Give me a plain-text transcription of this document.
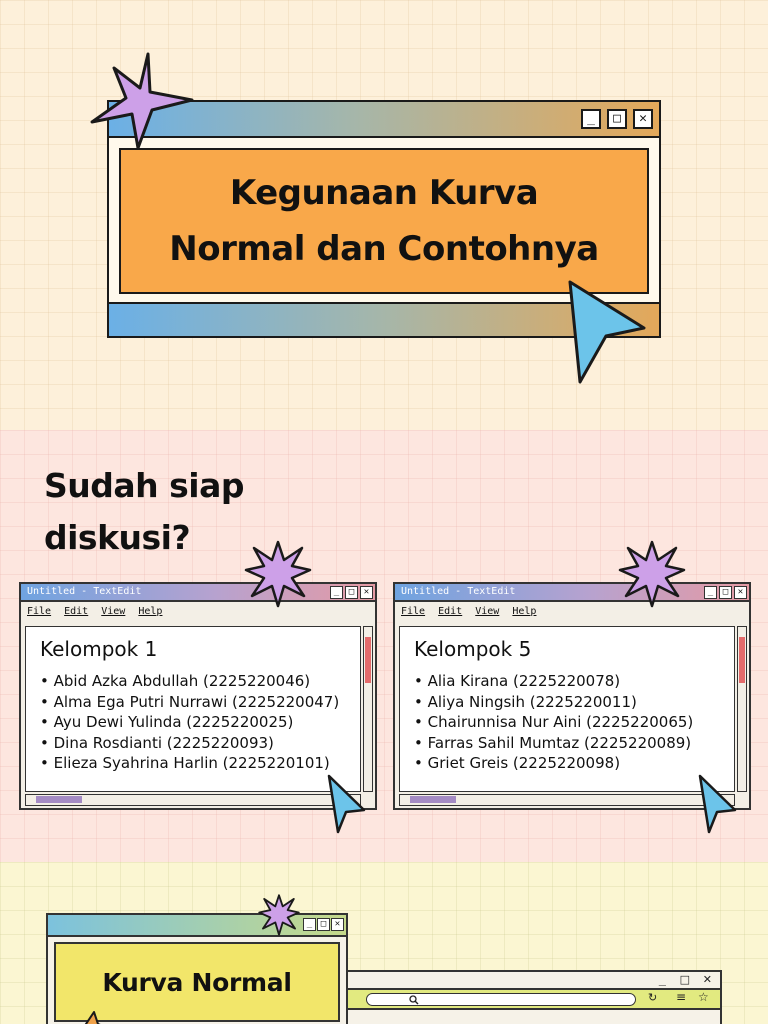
_	□	✕
Kegunaan Kurva
Normal dan Contohnya
Sudah siap
diskusi?
Untitled - TextEdit	_	□	✕
File Edit View Help
Kelompok 1
• Abid Azka Abdullah (2225220046)
• Alma Ega Putri Nurrawi (2225220047)
• Ayu Dewi Yulinda (2225220025)
• Dina Rosdianti (2225220093)
• Elieza Syahrina Harlin (2225220101)
Untitled - TextEdit	_	□	✕
File Edit View Help
Kelompok 5
• Alia Kirana (2225220078)
• Aliya Ningsih (2225220011)
• Chairunnisa Nur Aini (2225220065)
• Farras Sahil Mumtaz (2225220089)
• Griet Greis (2225220098)
_ □ ✕
↻ ≡ ☆
_ □ ✕
Kurva Normal
